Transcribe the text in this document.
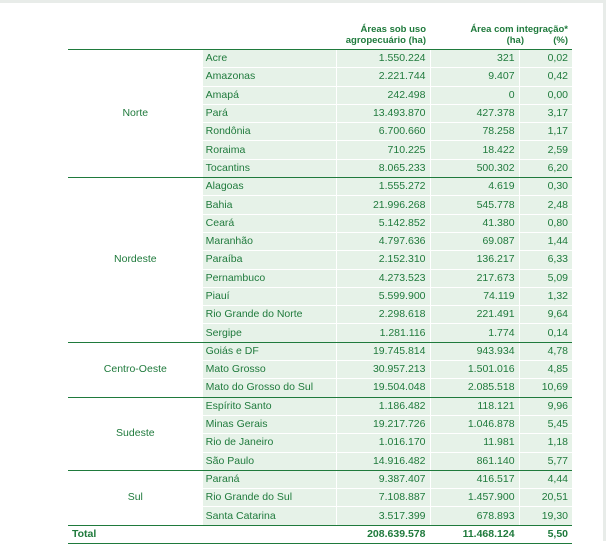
		Áreas sob uso
agropecuário (ha)	Área com integração*
(ha) (%)	
Norte	Acre	1.550.224	321	0,02
	Amazonas	2.221.744	9.407	0,42
	Amapá	242.498	0	0,00
	Pará	13.493.870	427.378	3,17
	Rondônia	6.700.660	78.258	1,17
	Roraima	710.225	18.422	2,59
	Tocantins	8.065.233	500.302	6,20
Nordeste	Alagoas	1.555.272	4.619	0,30
	Bahia	21.996.268	545.778	2,48
	Ceará	5.142.852	41.380	0,80
	Maranhão	4.797.636	69.087	1,44
	Paraíba	2.152.310	136.217	6,33
	Pernambuco	4.273.523	217.673	5,09
	Piauí	5.599.900	74.119	1,32
	Rio Grande do Norte	2.298.618	221.491	9,64
	Sergipe	1.281.116	1.774	0,14
Centro-Oeste	Goiás e DF	19.745.814	943.934	4,78
	Mato Grosso	30.957.213	1.501.016	4,85
	Mato do Grosso do Sul	19.504.048	2.085.518	10,69
Sudeste	Espírito Santo	1.186.482	118.121	9,96
	Minas Gerais	19.217.726	1.046.878	5,45
	Rio de Janeiro	1.016.170	11.981	1,18
	São Paulo	14.916.482	861.140	5,77
Sul	Paraná	9.387.407	416.517	4,44
	Rio Grande do Sul	7.108.887	1.457.900	20,51
	Santa Catarina	3.517.399	678.893	19,30
Total		208.639.578	11.468.124	5,50
